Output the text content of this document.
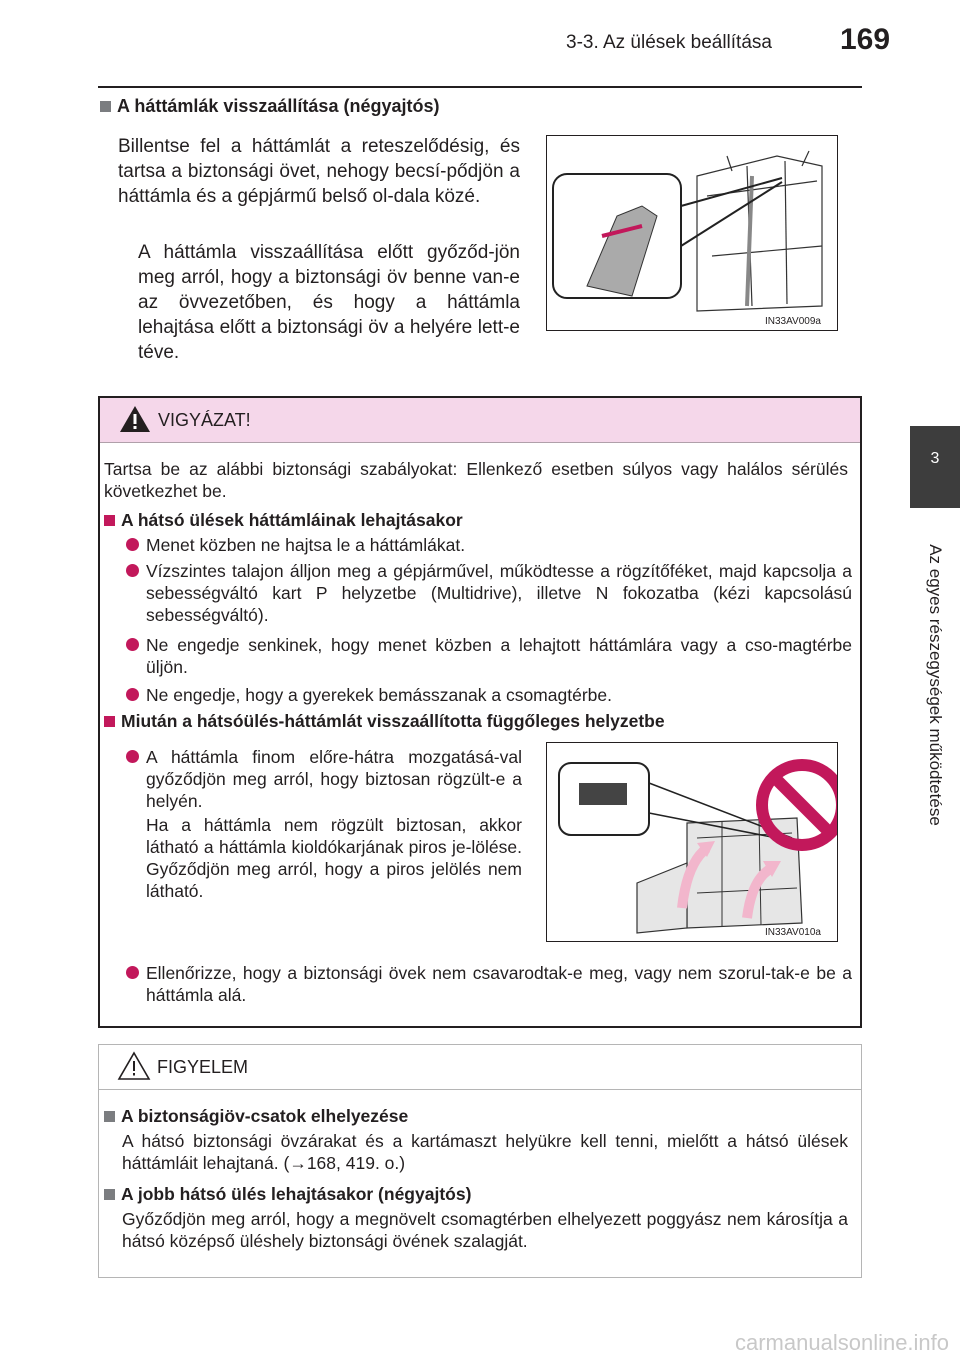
3-3. Az ülések beállítása 169
3
Az egyes részegységek működtetése
A háttámlák visszaállítása (négyajtós)
Billentse fel a háttámlát a reteszelődésig, és tartsa a biztonsági övet, nehogy becsí-pődjön a háttámla és a gépjármű belső ol-dala közé.
A háttámla visszaállítása előtt győződ-jön meg arról, hogy a biztonsági öv benne van-e az övvezetőben, és hogy a háttámla lehajtása előtt a biztonsági öv a helyére lett-e téve.
IN33AV009a
VIGYÁZAT!
Tartsa be az alábbi biztonsági szabályokat: Ellenkező esetben súlyos vagy halálos sérülés következhet be.
A hátsó ülések háttámláinak lehajtásakor
Menet közben ne hajtsa le a háttámlákat.
Vízszintes talajon álljon meg a gépjárművel, működtesse a rögzítőféket, majd kapcsolja a sebességváltó kart P helyzetbe (Multidrive), illetve N fokozatba (kézi kapcsolású sebességváltó).
Ne engedje senkinek, hogy menet közben a lehajtott háttámlára vagy a cso-magtérbe üljön.
Ne engedje, hogy a gyerekek bemásszanak a csomagtérbe.
Miután a hátsóülés-háttámlát visszaállította függőleges helyzetbe
A háttámla finom előre-hátra mozgatásá-val győződjön meg arról, hogy biztosan rögzült-e a helyén.
Ha a háttámla nem rögzült biztosan, akkor látható a háttámla kioldókarjának piros je-lölése. Győződjön meg arról, hogy a piros jelölés nem látható.
IN33AV010a
Ellenőrizze, hogy a biztonsági övek nem csavarodtak-e meg, vagy nem szorul-tak-e be a háttámla alá.
FIGYELEM
A biztonságiöv-csatok elhelyezése
A hátsó biztonsági övzárakat és a kartámaszt helyükre kell tenni, mielőtt a hátsó ülések háttámláit lehajtaná. (→168, 419. o.)
A jobb hátsó ülés lehajtásakor (négyajtós)
Győződjön meg arról, hogy a megnövelt csomagtérben elhelyezett poggyász nem károsítja a hátsó középső üléshely biztonsági övének szalagját.
carmanualsonline.info
